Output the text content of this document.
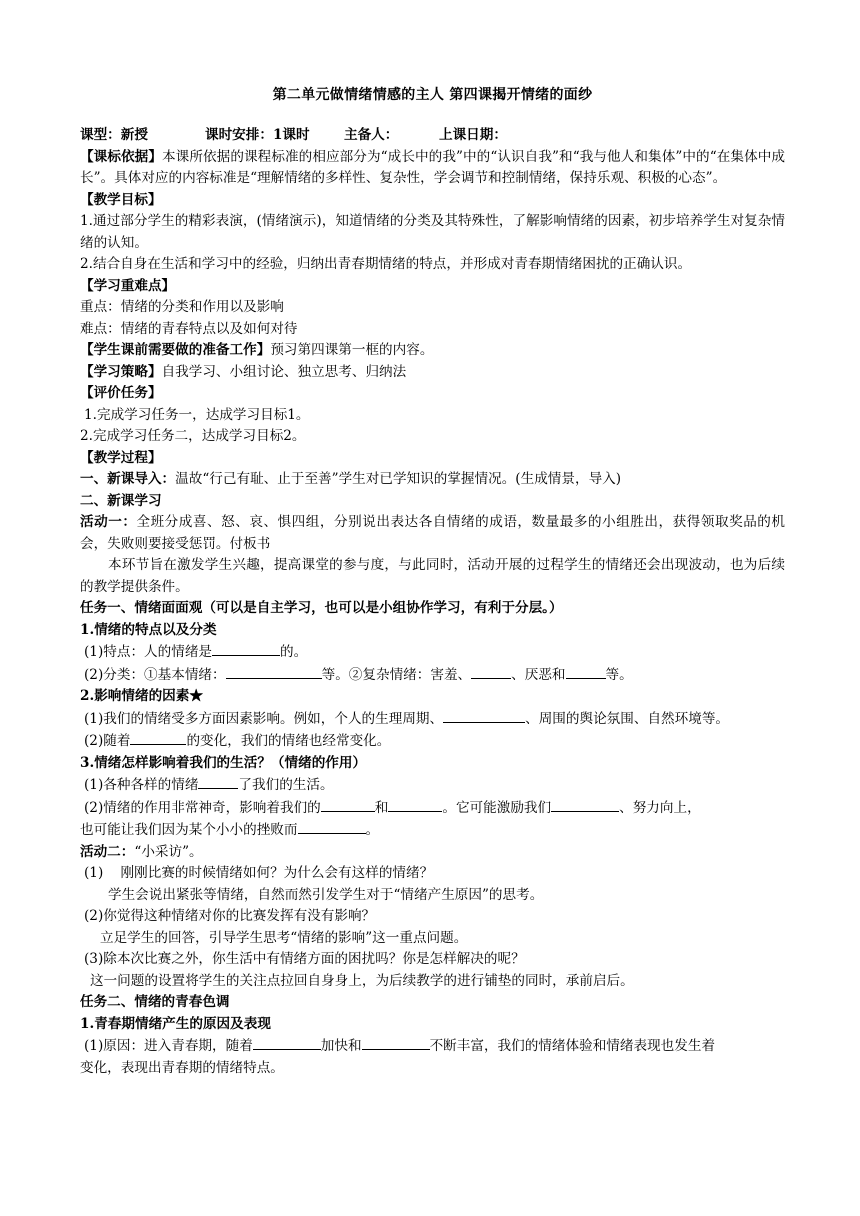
第二单元做情绪情感的主人 第四课揭开情绪的面纱
课型：新授	课时安排：1课时	主备人：	上课日期：
【课标依据】本课所依据的课程标准的相应部分为“成长中的我”中的“认识自我”和“我与他人和集体”中的“在集体中成长”。具体对应的内容标准是“理解情绪的多样性、复杂性，学会调节和控制情绪，保持乐观、积极的心态”。
【教学目标】
1.通过部分学生的精彩表演，(情绪演示)，知道情绪的分类及其特殊性，了解影响情绪的因素，初步培养学生对复杂情绪的认知。
2.结合自身在生活和学习中的经验，归纳出青春期情绪的特点，并形成对青春期情绪困扰的正确认识。
【学习重难点】
重点：情绪的分类和作用以及影响
难点：情绪的青春特点以及如何对待
【学生课前需要做的准备工作】预习第四课第一框的内容。
【学习策略】自我学习、小组讨论、独立思考、归纳法
【评价任务】
1.完成学习任务一，达成学习目标1。
2.完成学习任务二，达成学习目标2。
【教学过程】
一、新课导入：温故“行己有耻、止于至善”学生对已学知识的掌握情况。(生成情景，导入)
二、新课学习
活动一：全班分成喜、怒、哀、惧四组，分别说出表达各自情绪的成语，数量最多的小组胜出，获得领取奖品的机会，失败则要接受惩罚。付板书
本环节旨在激发学生兴趣，提高课堂的参与度，与此同时，活动开展的过程学生的情绪还会出现波动，也为后续的教学提供条件。
任务一、情绪面面观（可以是自主学习，也可以是小组协作学习，有利于分层。）
1.情绪的特点以及分类
(1)特点：人的情绪是	的。
(2)分类：①基本情绪：	等。②复杂情绪：害羞、	、厌恶和	等。
2.影响情绪的因素★
(1)我们的情绪受多方面因素影响。例如，个人的生理周期、	、周围的舆论氛围、自然环境等。
(2)随着	的变化，我们的情绪也经常变化。
3.情绪怎样影响着我们的生活？（情绪的作用）
(1)各种各样的情绪	了我们的生活。
(2)情绪的作用非常神奇，影响着我们的	和	。它可能激励我们	、努力向上，
也可能让我们因为某个小小的挫败而	。
活动二：“小采访”。
(1)    刚刚比赛的时候情绪如何？为什么会有这样的情绪？
学生会说出紧张等情绪，自然而然引发学生对于“情绪产生原因”的思考。
(2)你觉得这种情绪对你的比赛发挥有没有影响？
立足学生的回答，引导学生思考“情绪的影响”这一重点问题。
(3)除本次比赛之外，你生活中有情绪方面的困扰吗？你是怎样解决的呢？
这一问题的设置将学生的关注点拉回自身身上，为后续教学的进行铺垫的同时，承前启后。
任务二、情绪的青春色调
1.青春期情绪产生的原因及表现
(1)原因：进入青春期，随着	加快和	不断丰富，我们的情绪体验和情绪表现也发生着
变化，表现出青春期的情绪特点。
